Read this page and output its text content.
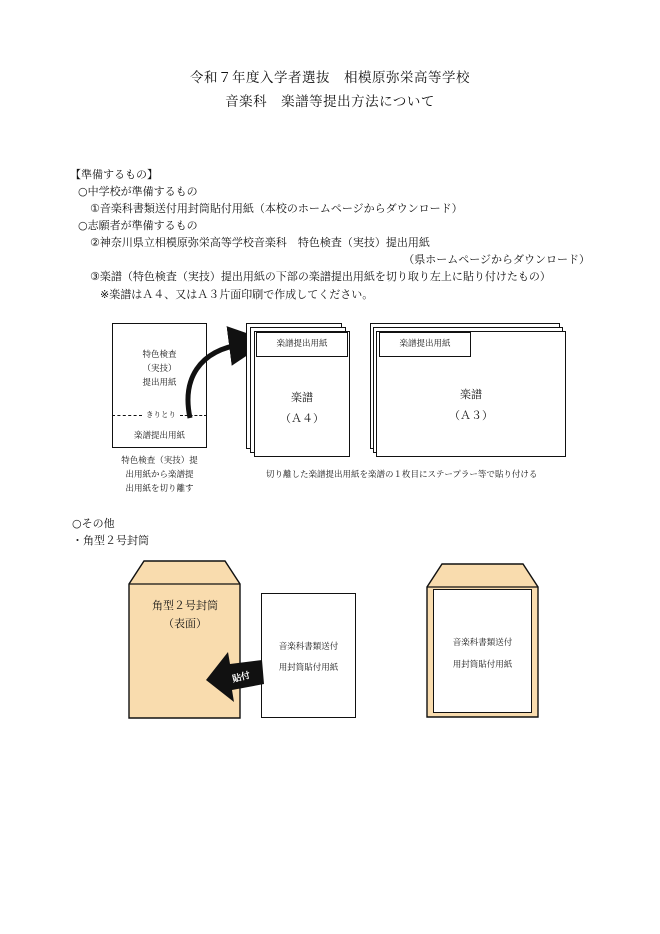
令和７年度入学者選抜　相模原弥栄高等学校
音楽科　楽譜等提出方法について
【準備するもの】
○中学校が準備するもの
①音楽科書類送付用封筒貼付用紙（本校のホームページからダウンロード）
○志願者が準備するもの
②神奈川県立相模原弥栄高等学校音楽科　特色検査（実技）提出用紙
（県ホームページからダウンロード）
③楽譜（特色検査（実技）提出用紙の下部の楽譜提出用紙を切り取り左上に貼り付けたもの）
※楽譜はＡ４、又はＡ３片面印刷で作成してください。
特色検査
（実技）
提出用紙
きりとり
楽譜提出用紙
特色検査（実技）提
出用紙から楽譜提
出用紙を切り離す
楽譜提出用紙
楽譜
（Ａ４）
楽譜提出用紙
楽譜
（Ａ３）
切り離した楽譜提出用紙を楽譜の１枚目にステープラー等で貼り付ける
○その他
・角型２号封筒
角型２号封筒
（表面）
音楽科書類送付
用封筒貼付用紙
貼付
音楽科書類送付
用封筒貼付用紙
